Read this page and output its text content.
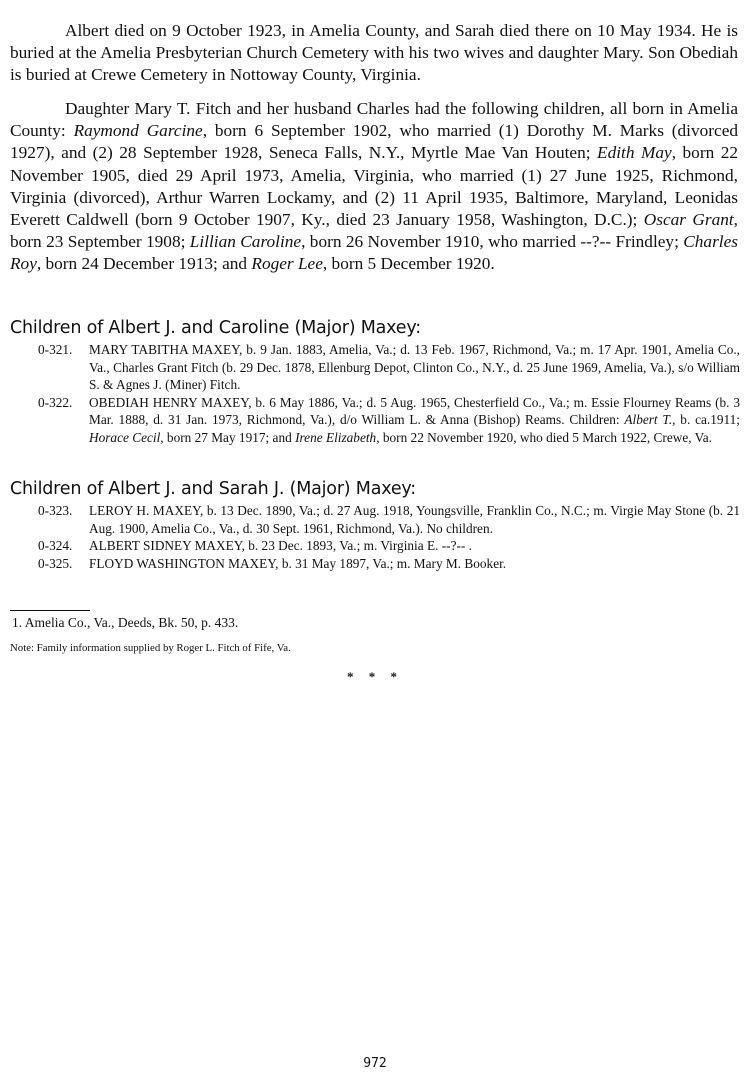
Albert died on 9 October 1923, in Amelia County, and Sarah died there on 10 May 1934. He is buried at the Amelia Presbyterian Church Cemetery with his two wives and daughter Mary. Son Obediah is buried at Crewe Cemetery in Nottoway County, Virginia.
Daughter Mary T. Fitch and her husband Charles had the following children, all born in Amelia County: Raymond Garcine, born 6 September 1902, who married (1) Dorothy M. Marks (divorced 1927), and (2) 28 September 1928, Seneca Falls, N.Y., Myrtle Mae Van Houten; Edith May, born 22 November 1905, died 29 April 1973, Amelia, Virginia, who married (1) 27 June 1925, Richmond, Virginia (divorced), Arthur Warren Lockamy, and (2) 11 April 1935, Baltimore, Maryland, Leonidas Everett Caldwell (born 9 October 1907, Ky., died 23 January 1958, Washington, D.C.); Oscar Grant, born 23 September 1908; Lillian Caroline, born 26 November 1910, who married --?-- Frindley; Charles Roy, born 24 December 1913; and Roger Lee, born 5 December 1920.
Children of Albert J. and Caroline (Major) Maxey:
0-321.	MARY TABITHA MAXEY, b. 9 Jan. 1883, Amelia, Va.; d. 13 Feb. 1967, Richmond, Va.; m. 17 Apr. 1901, Amelia Co., Va., Charles Grant Fitch (b. 29 Dec. 1878, Ellenburg Depot, Clinton Co., N.Y., d. 25 June 1969, Amelia, Va.), s/o William S. & Agnes J. (Miner) Fitch.
0-322.	OBEDIAH HENRY MAXEY, b. 6 May 1886, Va.; d. 5 Aug. 1965, Chesterfield Co., Va.; m. Essie Flourney Reams (b. 3 Mar. 1888, d. 31 Jan. 1973, Richmond, Va.), d/o William L. & Anna (Bishop) Reams. Children: Albert T., b. ca.1911; Horace Cecil, born 27 May 1917; and Irene Elizabeth, born 22 November 1920, who died 5 March 1922, Crewe, Va.
Children of Albert J. and Sarah J. (Major) Maxey:
0-323.	LEROY H. MAXEY, b. 13 Dec. 1890, Va.; d. 27 Aug. 1918, Youngsville, Franklin Co., N.C.; m. Virgie May Stone (b. 21 Aug. 1900, Amelia Co., Va., d. 30 Sept. 1961, Richmond, Va.). No children.
0-324.	ALBERT SIDNEY MAXEY, b. 23 Dec. 1893, Va.; m. Virginia E. --?-- .
0-325.	FLOYD WASHINGTON MAXEY, b. 31 May 1897, Va.; m. Mary M. Booker.
1. Amelia Co., Va., Deeds, Bk. 50, p. 433.
Note: Family information supplied by Roger L. Fitch of Fife, Va.
* * *
972
